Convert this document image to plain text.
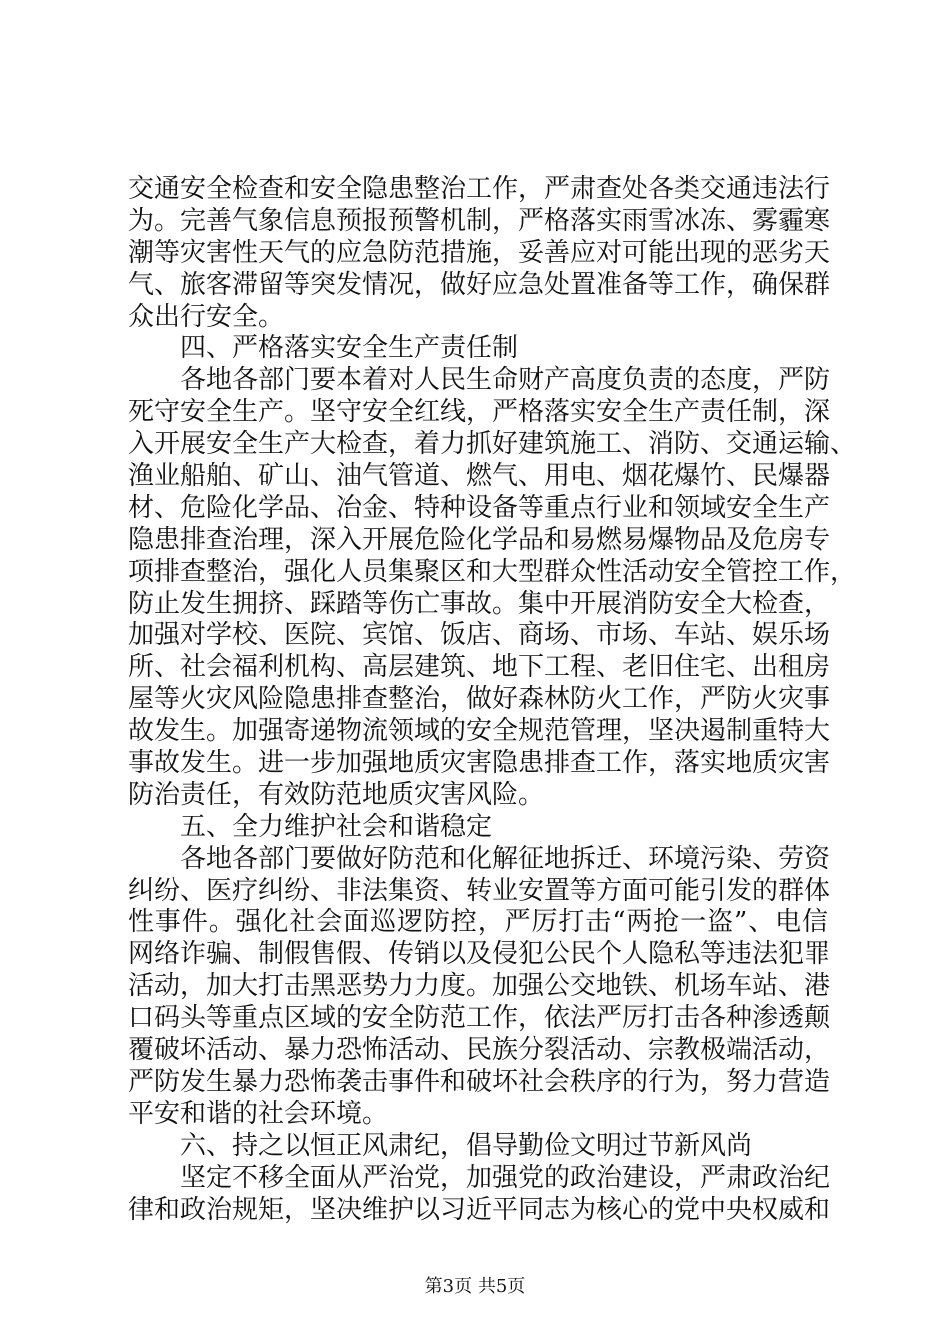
交通安全检查和安全隐患整治工作，严肃查处各类交通违法行
为。完善气象信息预报预警机制，严格落实雨雪冰冻、雾霾寒
潮等灾害性天气的应急防范措施，妥善应对可能出现的恶劣天
气、旅客滞留等突发情况，做好应急处置准备等工作，确保群
众出行安全。
四、严格落实安全生产责任制
各地各部门要本着对人民生命财产高度负责的态度，严防
死守安全生产。坚守安全红线，严格落实安全生产责任制，深
入开展安全生产大检查，着力抓好建筑施工、消防、交通运输、
渔业船舶、矿山、油气管道、燃气、用电、烟花爆竹、民爆器
材、危险化学品、冶金、特种设备等重点行业和领域安全生产
隐患排查治理，深入开展危险化学品和易燃易爆物品及危房专
项排查整治，强化人员集聚区和大型群众性活动安全管控工作，
防止发生拥挤、踩踏等伤亡事故。集中开展消防安全大检查，
加强对学校、医院、宾馆、饭店、商场、市场、车站、娱乐场
所、社会福利机构、高层建筑、地下工程、老旧住宅、出租房
屋等火灾风险隐患排查整治，做好森林防火工作，严防火灾事
故发生。加强寄递物流领域的安全规范管理，坚决遏制重特大
事故发生。进一步加强地质灾害隐患排查工作，落实地质灾害
防治责任，有效防范地质灾害风险。
五、全力维护社会和谐稳定
各地各部门要做好防范和化解征地拆迁、环境污染、劳资
纠纷、医疗纠纷、非法集资、转业安置等方面可能引发的群体
性事件。强化社会面巡逻防控，严厉打击“两抢一盗”、电信
网络诈骗、制假售假、传销以及侵犯公民个人隐私等违法犯罪
活动，加大打击黑恶势力力度。加强公交地铁、机场车站、港
口码头等重点区域的安全防范工作，依法严厉打击各种渗透颠
覆破坏活动、暴力恐怖活动、民族分裂活动、宗教极端活动，
严防发生暴力恐怖袭击事件和破坏社会秩序的行为，努力营造
平安和谐的社会环境。
六、持之以恒正风肃纪，倡导勤俭文明过节新风尚
坚定不移全面从严治党，加强党的政治建设，严肃政治纪
律和政治规矩，坚决维护以习近平同志为核心的党中央权威和
第3页 共5页
